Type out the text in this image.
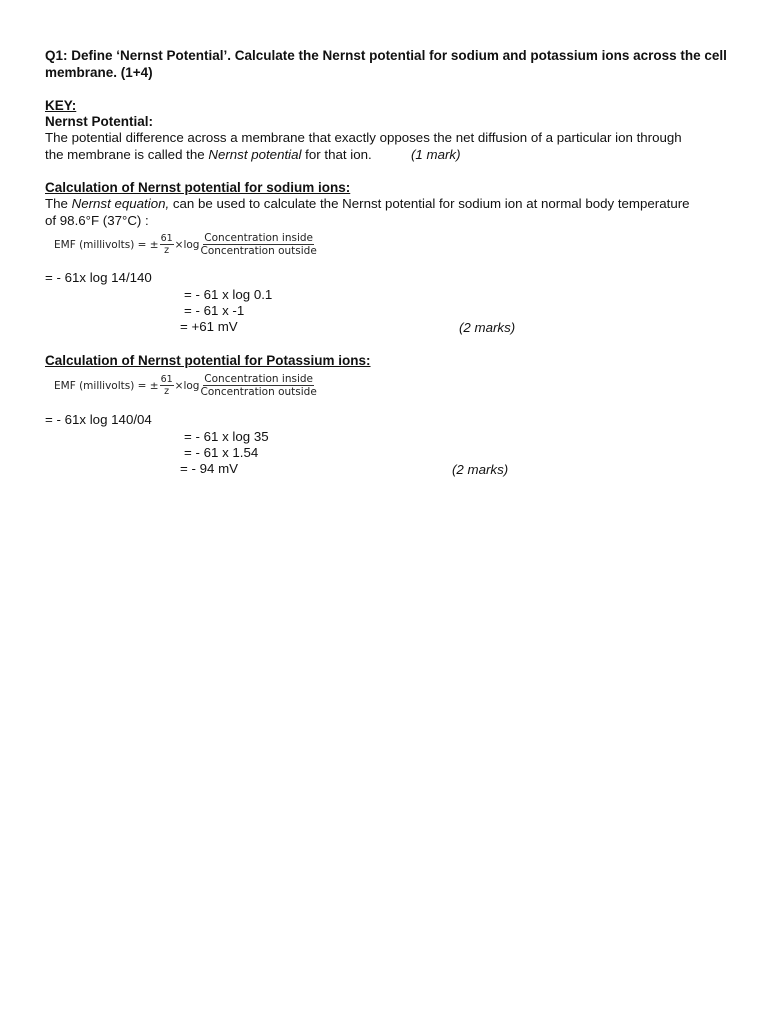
Q1: Define ‘Nernst Potential’. Calculate the Nernst potential for sodium and potassium ions across the cell
membrane. (1+4)
KEY:
Nernst Potential:
The potential difference across a membrane that exactly opposes the net diffusion of a particular ion through
the membrane is called the Nernst potential for that ion.	(1 mark)
Calculation of Nernst potential for sodium ions:
The Nernst equation, can be used to calculate the Nernst potential for sodium ion at normal body temperature
of 98.6°F (37°C) :
EMF (millivolts) = ± $\frac{61}{z} \times\log \frac{\text{Concentration inside}}{\text{Concentration outside}}$
= - 61x log 14/140
= - 61 x log 0.1
= - 61 x -1
= +61 mV	(2 marks)
Calculation of Nernst potential for Potassium ions:
EMF (millivolts) = ± $\frac{61}{z} \times\log \frac{\text{Concentration inside}}{\text{Concentration outside}}$
= - 61x log 140/04
= - 61 x log 35
= - 61 x 1.54
= - 94 mV	(2 marks)
